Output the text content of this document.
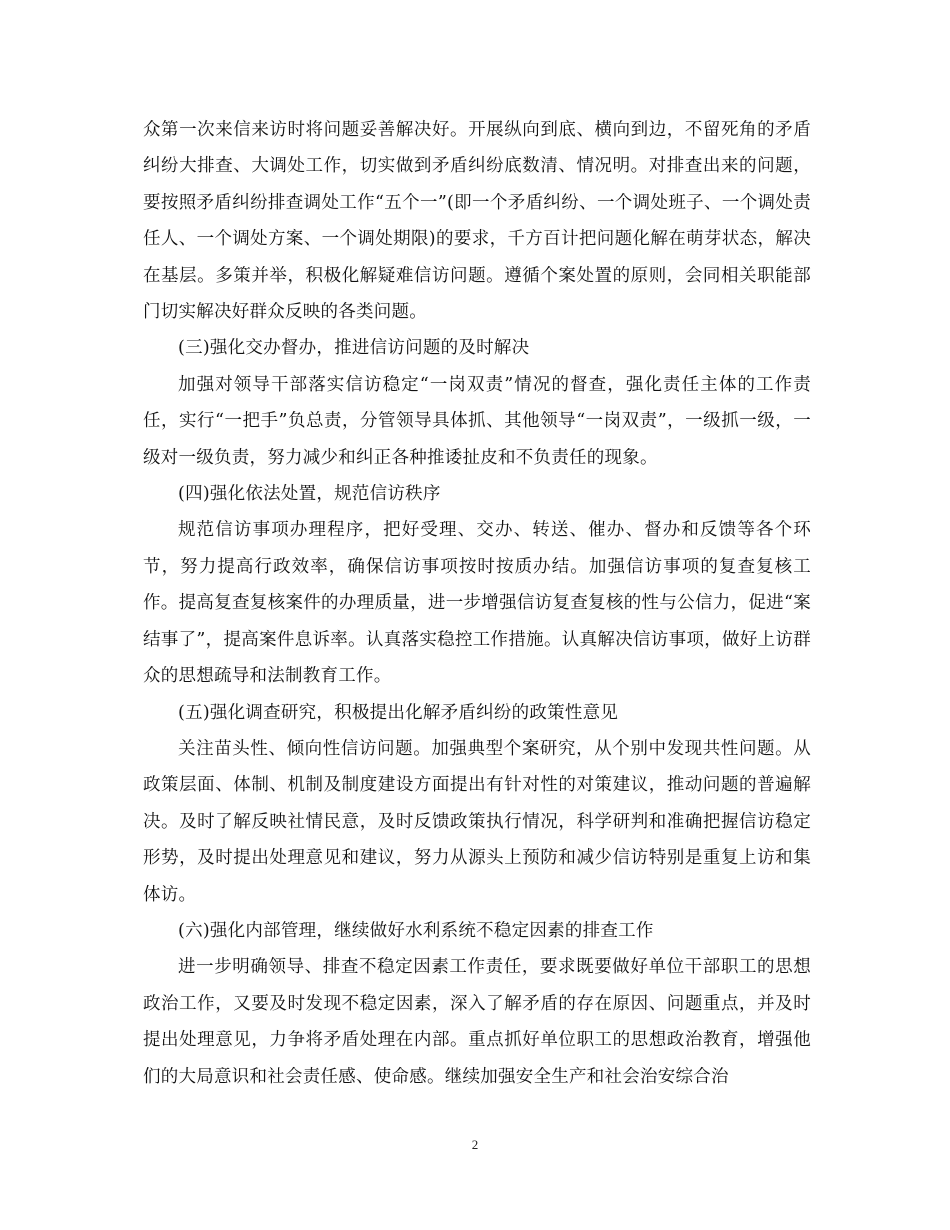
众第一次来信来访时将问题妥善解决好。开展纵向到底、横向到边，不留死角的矛盾纠纷大排查、大调处工作，切实做到矛盾纠纷底数清、情况明。对排查出来的问题，要按照矛盾纠纷排查调处工作“五个一”(即一个矛盾纠纷、一个调处班子、一个调处责任人、一个调处方案、一个调处期限)的要求，千方百计把问题化解在萌芽状态，解决在基层。多策并举，积极化解疑难信访问题。遵循个案处置的原则，会同相关职能部门切实解决好群众反映的各类问题。

(三)强化交办督办，推进信访问题的及时解决

加强对领导干部落实信访稳定“一岗双责”情况的督查，强化责任主体的工作责任，实行“一把手”负总责，分管领导具体抓、其他领导“一岗双责”，一级抓一级，一级对一级负责，努力减少和纠正各种推诿扯皮和不负责任的现象。

(四)强化依法处置，规范信访秩序

规范信访事项办理程序，把好受理、交办、转送、催办、督办和反馈等各个环节，努力提高行政效率，确保信访事项按时按质办结。加强信访事项的复查复核工作。提高复查复核案件的办理质量，进一步增强信访复查复核的性与公信力，促进“案结事了”，提高案件息诉率。认真落实稳控工作措施。认真解决信访事项，做好上访群众的思想疏导和法制教育工作。

(五)强化调查研究，积极提出化解矛盾纠纷的政策性意见

关注苗头性、倾向性信访问题。加强典型个案研究，从个别中发现共性问题。从政策层面、体制、机制及制度建设方面提出有针对性的对策建议，推动问题的普遍解决。及时了解反映社情民意，及时反馈政策执行情况，科学研判和准确把握信访稳定形势，及时提出处理意见和建议，努力从源头上预防和减少信访特别是重复上访和集体访。

(六)强化内部管理，继续做好水利系统不稳定因素的排查工作

进一步明确领导、排查不稳定因素工作责任，要求既要做好单位干部职工的思想政治工作，又要及时发现不稳定因素，深入了解矛盾的存在原因、问题重点，并及时提出处理意见，力争将矛盾处理在内部。重点抓好单位职工的思想政治教育，增强他们的大局意识和社会责任感、使命感。继续加强安全生产和社会治安综合治

2
